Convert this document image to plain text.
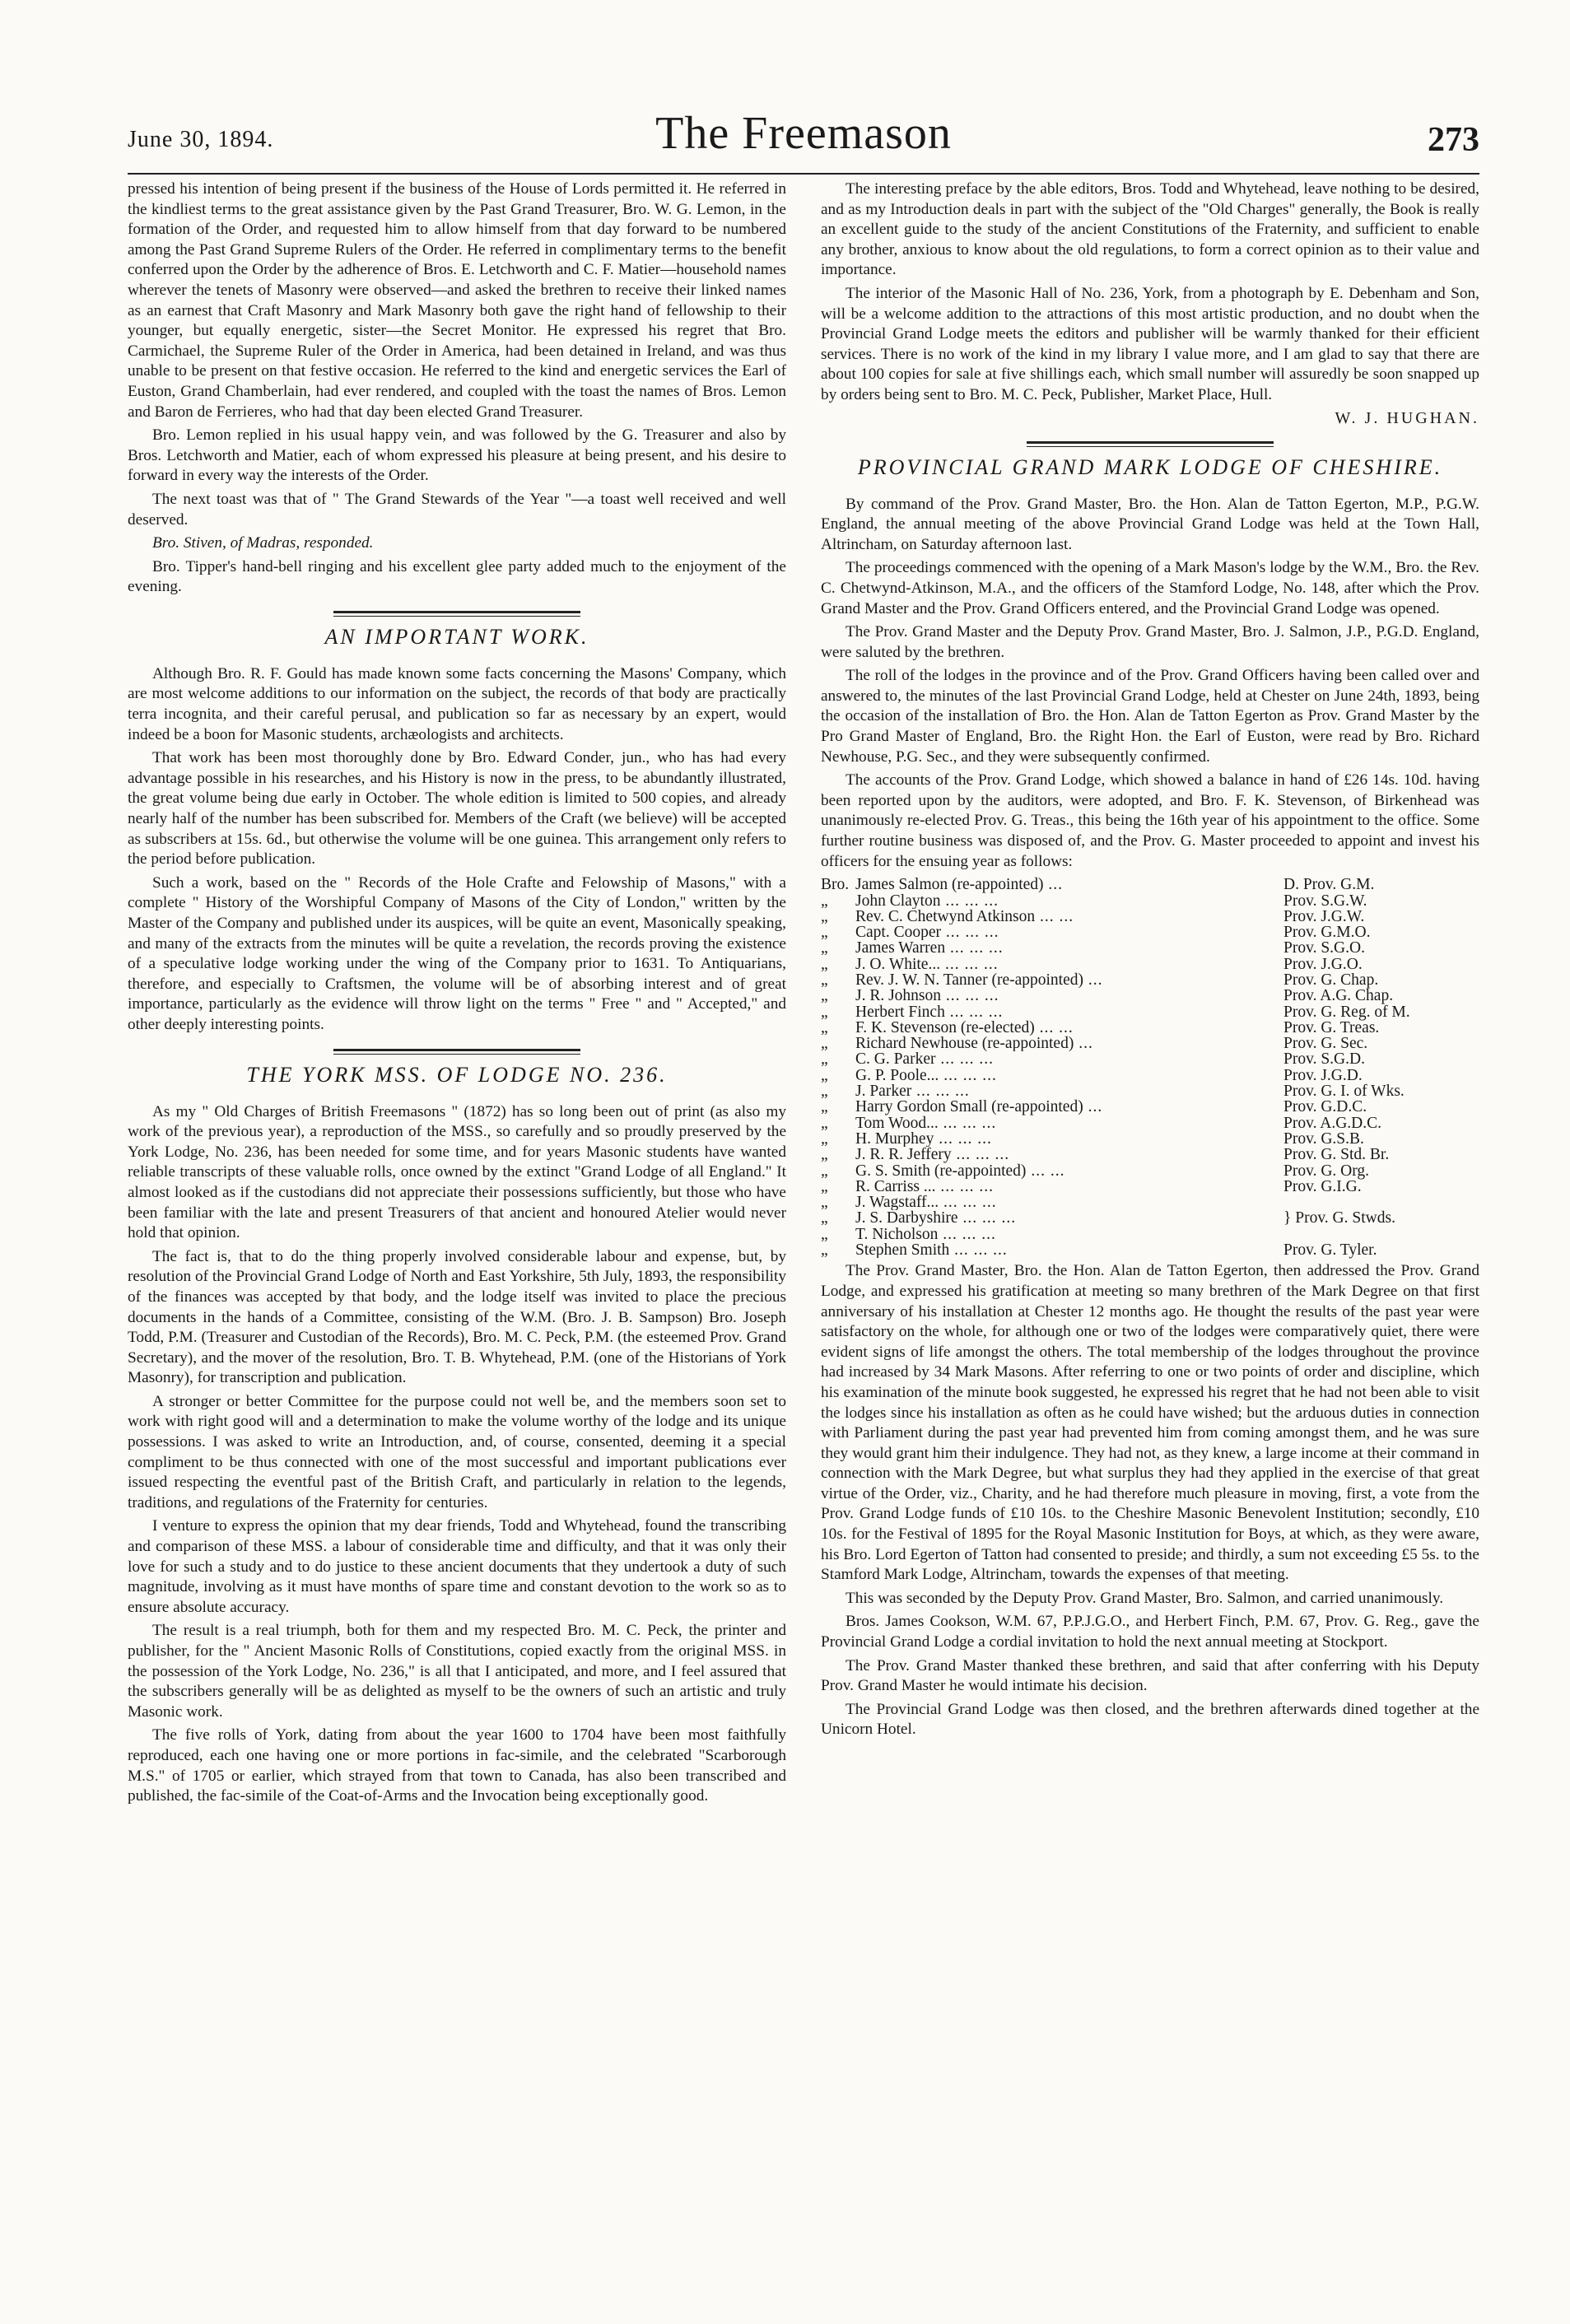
June 30, 1894.	The Freemason	273

pressed his intention of being present if the business of the House of Lords permitted it. He referred in the kindliest terms to the great assistance given by the Past Grand Treasurer, Bro. W. G. Lemon, in the formation of the Order, and requested him to allow himself from that day forward to be numbered among the Past Grand Supreme Rulers of the Order. He referred in complimentary terms to the benefit conferred upon the Order by the adherence of Bros. E. Letchworth and C. F. Matier—household names wherever the tenets of Masonry were observed—and asked the brethren to receive their linked names as an earnest that Craft Masonry and Mark Masonry both gave the right hand of fellowship to their younger, but equally energetic, sister—the Secret Monitor. He expressed his regret that Bro. Carmichael, the Supreme Ruler of the Order in America, had been detained in Ireland, and was thus unable to be present on that festive occasion. He referred to the kind and energetic services the Earl of Euston, Grand Chamberlain, had ever rendered, and coupled with the toast the names of Bros. Lemon and Baron de Ferrieres, who had that day been elected Grand Treasurer.

Bro. Lemon replied in his usual happy vein, and was followed by the G. Treasurer and also by Bros. Letchworth and Matier, each of whom expressed his pleasure at being present, and his desire to forward in every way the interests of the Order.

The next toast was that of " The Grand Stewards of the Year "—a toast well received and well deserved.

Bro. Stiven, of Madras, responded.

Bro. Tipper's hand-bell ringing and his excellent glee party added much to the enjoyment of the evening.

AN IMPORTANT WORK.

Although Bro. R. F. Gould has made known some facts concerning the Masons' Company, which are most welcome additions to our information on the subject, the records of that body are practically terra incognita, and their careful perusal, and publication so far as necessary by an expert, would indeed be a boon for Masonic students, archæologists and architects.

That work has been most thoroughly done by Bro. Edward Conder, jun., who has had every advantage possible in his researches, and his History is now in the press, to be abundantly illustrated, the great volume being due early in October. The whole edition is limited to 500 copies, and already nearly half of the number has been subscribed for. Members of the Craft (we believe) will be accepted as subscribers at 15s. 6d., but otherwise the volume will be one guinea. This arrangement only refers to the period before publication.

Such a work, based on the " Records of the Hole Crafte and Felowship of Masons," with a complete " History of the Worshipful Company of Masons of the City of London," written by the Master of the Company and published under its auspices, will be quite an event, Masonically speaking, and many of the extracts from the minutes will be quite a revelation, the records proving the existence of a speculative lodge working under the wing of the Company prior to 1631. To Antiquarians, therefore, and especially to Craftsmen, the volume will be of absorbing interest and of great importance, particularly as the evidence will throw light on the terms " Free " and " Accepted," and other deeply interesting points.

THE YORK MSS. OF LODGE NO. 236.

As my " Old Charges of British Freemasons " (1872) has so long been out of print (as also my work of the previous year), a reproduction of the MSS., so carefully and so proudly preserved by the York Lodge, No. 236, has been needed for some time, and for years Masonic students have wanted reliable transcripts of these valuable rolls, once owned by the extinct "Grand Lodge of all England." It almost looked as if the custodians did not appreciate their possessions sufficiently, but those who have been familiar with the late and present Treasurers of that ancient and honoured Atelier would never hold that opinion.

The fact is, that to do the thing properly involved considerable labour and expense, but, by resolution of the Provincial Grand Lodge of North and East Yorkshire, 5th July, 1893, the responsibility of the finances was accepted by that body, and the lodge itself was invited to place the precious documents in the hands of a Committee, consisting of the W.M. (Bro. J. B. Sampson) Bro. Joseph Todd, P.M. (Treasurer and Custodian of the Records), Bro. M. C. Peck, P.M. (the esteemed Prov. Grand Secretary), and the mover of the resolution, Bro. T. B. Whytehead, P.M. (one of the Historians of York Masonry), for transcription and publication.

A stronger or better Committee for the purpose could not well be, and the members soon set to work with right good will and a determination to make the volume worthy of the lodge and its unique possessions. I was asked to write an Introduction, and, of course, consented, deeming it a special compliment to be thus connected with one of the most successful and important publications ever issued respecting the eventful past of the British Craft, and particularly in relation to the legends, traditions, and regulations of the Fraternity for centuries.

I venture to express the opinion that my dear friends, Todd and Whytehead, found the transcribing and comparison of these MSS. a labour of considerable time and difficulty, and that it was only their love for such a study and to do justice to these ancient documents that they undertook a duty of such magnitude, involving as it must have months of spare time and constant devotion to the work so as to ensure absolute accuracy.

The result is a real triumph, both for them and my respected Bro. M. C. Peck, the printer and publisher, for the " Ancient Masonic Rolls of Constitutions, copied exactly from the original MSS. in the possession of the York Lodge, No. 236," is all that I anticipated, and more, and I feel assured that the subscribers generally will be as delighted as myself to be the owners of such an artistic and truly Masonic work.

The five rolls of York, dating from about the year 1600 to 1704 have been most faithfully reproduced, each one having one or more portions in fac-simile, and the celebrated "Scarborough M.S." of 1705 or earlier, which strayed from that town to Canada, has also been transcribed and published, the fac-simile of the Coat-of-Arms and the Invocation being exceptionally good.

The interesting preface by the able editors, Bros. Todd and Whytehead, leave nothing to be desired, and as my Introduction deals in part with the subject of the "Old Charges" generally, the Book is really an excellent guide to the study of the ancient Constitutions of the Fraternity, and sufficient to enable any brother, anxious to know about the old regulations, to form a correct opinion as to their value and importance.

The interior of the Masonic Hall of No. 236, York, from a photograph by E. Debenham and Son, will be a welcome addition to the attractions of this most artistic production, and no doubt when the Provincial Grand Lodge meets the editors and publisher will be warmly thanked for their efficient services. There is no work of the kind in my library I value more, and I am glad to say that there are about 100 copies for sale at five shillings each, which small number will assuredly be soon snapped up by orders being sent to Bro. M. C. Peck, Publisher, Market Place, Hull.

W. J. HUGHAN.
PROVINCIAL GRAND MARK LODGE OF CHESHIRE.

By command of the Prov. Grand Master, Bro. the Hon. Alan de Tatton Egerton, M.P., P.G.W. England, the annual meeting of the above Provincial Grand Lodge was held at the Town Hall, Altrincham, on Saturday afternoon last.

The proceedings commenced with the opening of a Mark Mason's lodge by the W.M., Bro. the Rev. C. Chetwynd-Atkinson, M.A., and the officers of the Stamford Lodge, No. 148, after which the Prov. Grand Master and the Prov. Grand Officers entered, and the Provincial Grand Lodge was opened.

The Prov. Grand Master and the Deputy Prov. Grand Master, Bro. J. Salmon, J.P., P.G.D. England, were saluted by the brethren.

The roll of the lodges in the province and of the Prov. Grand Officers having been called over and answered to, the minutes of the last Provincial Grand Lodge, held at Chester on June 24th, 1893, being the occasion of the installation of Bro. the Hon. Alan de Tatton Egerton as Prov. Grand Master by the Pro Grand Master of England, Bro. the Right Hon. the Earl of Euston, were read by Bro. Richard Newhouse, P.G. Sec., and they were subsequently confirmed.

The accounts of the Prov. Grand Lodge, which showed a balance in hand of £26 14s. 10d. having been reported upon by the auditors, were adopted, and Bro. F. K. Stevenson, of Birkenhead was unanimously re-elected Prov. G. Treas., this being the 16th year of his appointment to the office. Some further routine business was disposed of, and the Prov. G. Master proceeded to appoint and invest his officers for the ensuing year as follows:

Bro. James Salmon (re-appointed) ...	D. Prov. G.M.
„	John Clayton ... ... ...	Prov. S.G.W.
„	Rev. C. Chetwynd Atkinson ... ...	Prov. J.G.W.
„	Capt. Cooper ... ... ...	Prov. G.M.O.
„	James Warren ... ... ...	Prov. S.G.O.
„	J. O. White... ... ... ...	Prov. J.G.O.
„	Rev. J. W. N. Tanner (re-appointed) ...	Prov. G. Chap.
„	J. R. Johnson ... ... ...	Prov. A.G. Chap.
„	Herbert Finch ... ... ...	Prov. G. Reg. of M.
„	F. K. Stevenson (re-elected) ... ...	Prov. G. Treas.
„	Richard Newhouse (re-appointed) ...	Prov. G. Sec.
„	C. G. Parker ... ... ...	Prov. S.G.D.
„	G. P. Poole... ... ... ...	Prov. J.G.D.
„	J. Parker ... ... ...	Prov. G. I. of Wks.
„	Harry Gordon Small (re-appointed) ...	Prov. G.D.C.
„	Tom Wood... ... ... ...	Prov. A.G.D.C.
„	H. Murphey ... ... ...	Prov. G.S.B.
„	J. R. R. Jeffery ... ... ...	Prov. G. Std. Br.
„	G. S. Smith (re-appointed) ... ...	Prov. G. Org.
„	R. Carriss ... ... ... ...	Prov. G.I.G.
„	J. Wagstaff... ... ... ...
„	J. S. Darbyshire ... ... ...	} Prov. G. Stwds.
„	T. Nicholson ... ... ...
„	Stephen Smith ... ... ...	Prov. G. Tyler.

The Prov. Grand Master, Bro. the Hon. Alan de Tatton Egerton, then addressed the Prov. Grand Lodge, and expressed his gratification at meeting so many brethren of the Mark Degree on that first anniversary of his installation at Chester 12 months ago. He thought the results of the past year were satisfactory on the whole, for although one or two of the lodges were comparatively quiet, there were evident signs of life amongst the others. The total membership of the lodges throughout the province had increased by 34 Mark Masons. After referring to one or two points of order and discipline, which his examination of the minute book suggested, he expressed his regret that he had not been able to visit the lodges since his installation as often as he could have wished; but the arduous duties in connection with Parliament during the past year had prevented him from coming amongst them, and he was sure they would grant him their indulgence. They had not, as they knew, a large income at their command in connection with the Mark Degree, but what surplus they had they applied in the exercise of that great virtue of the Order, viz., Charity, and he had therefore much pleasure in moving, first, a vote from the Prov. Grand Lodge funds of £10 10s. to the Cheshire Masonic Benevolent Institution; secondly, £10 10s. for the Festival of 1895 for the Royal Masonic Institution for Boys, at which, as they were aware, his Bro. Lord Egerton of Tatton had consented to preside; and thirdly, a sum not exceeding £5 5s. to the Stamford Mark Lodge, Altrincham, towards the expenses of that meeting.

This was seconded by the Deputy Prov. Grand Master, Bro. Salmon, and carried unanimously.

Bros. James Cookson, W.M. 67, P.P.J.G.O., and Herbert Finch, P.M. 67, Prov. G. Reg., gave the Provincial Grand Lodge a cordial invitation to hold the next annual meeting at Stockport.

The Prov. Grand Master thanked these brethren, and said that after conferring with his Deputy Prov. Grand Master he would intimate his decision.

The Provincial Grand Lodge was then closed, and the brethren afterwards dined together at the Unicorn Hotel.
